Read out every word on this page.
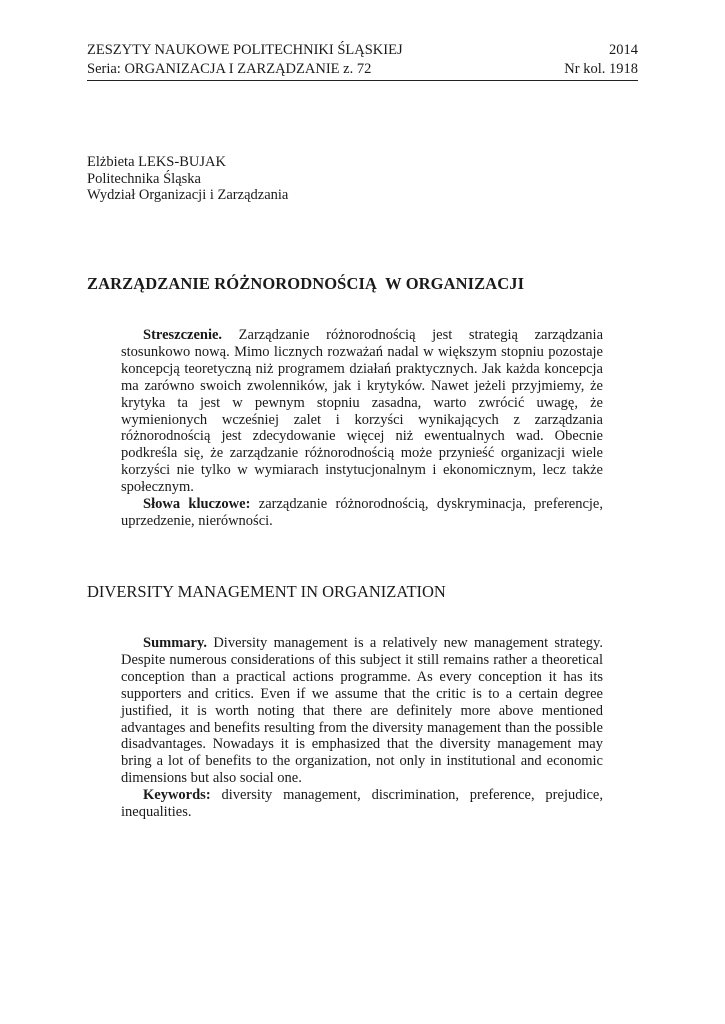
ZESZYTY NAUKOWE POLITECHNIKI ŚLĄSKIEJ	2014
Seria: ORGANIZACJA I ZARZĄDZANIE z. 72	Nr kol. 1918
Elżbieta LEKS-BUJAK
Politechnika Śląska
Wydział Organizacji i Zarządzania
ZARZĄDZANIE RÓŻNORODNOŚCIĄ  W ORGANIZACJI

Streszczenie. Zarządzanie różnorodnością jest strategią zarządzania stosunkowo nową. Mimo licznych rozważań nadal w większym stopniu pozostaje koncepcją teoretyczną niż programem działań praktycznych. Jak każda koncepcja ma zarówno swoich zwolenników, jak i krytyków. Nawet jeżeli przyjmiemy, że krytyka ta jest w pewnym stopniu zasadna, warto zwrócić uwagę, że wymienionych wcześniej zalet i korzyści wynikających z zarządzania różnorodnością jest zdecydowanie więcej niż ewentualnych wad. Obecnie podkreśla się, że zarządzanie różnorodnością może przynieść organizacji wiele korzyści nie tylko w wymiarach instytucjonalnym i ekonomicznym, lecz także społecznym.

Słowa kluczowe: zarządzanie różnorodnością, dyskryminacja, preferencje, uprzedzenie, nierówności.

DIVERSITY MANAGEMENT IN ORGANIZATION

Summary. Diversity management is a relatively new management strategy. Despite numerous considerations of this subject it still remains rather a theoretical conception than a practical actions programme. As every conception it has its supporters and critics. Even if we assume that the critic is to a certain degree justified, it is worth noting that there are definitely more above mentioned advantages and benefits resulting from the diversity management than the possible disadvantages. Nowadays it is emphasized that the diversity management may bring a lot of benefits to the organization, not only in institutional and economic dimensions but also social one.

Keywords: diversity management, discrimination, preference, prejudice, inequalities.
